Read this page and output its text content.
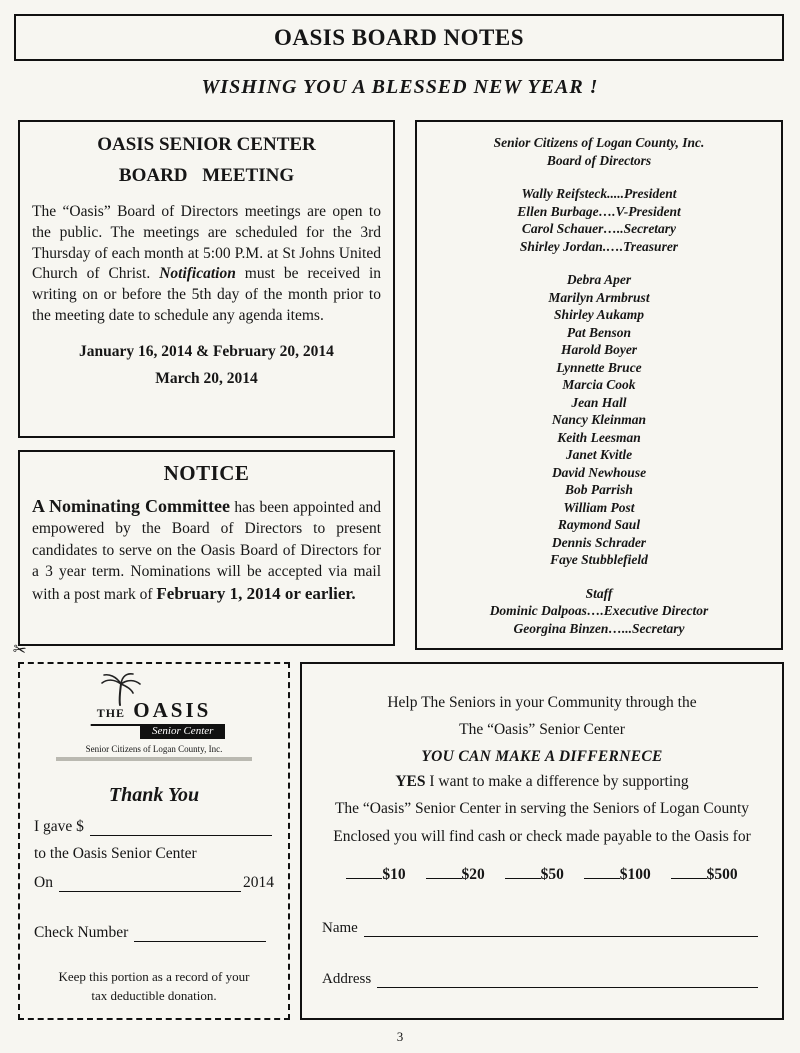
OASIS BOARD NOTES
WISHING YOU A BLESSED NEW YEAR !
OASIS SENIOR CENTER
BOARD MEETING

The “Oasis” Board of Directors meetings are open to the public. The meetings are scheduled for the 3rd Thursday of each month at 5:00 P.M. at St Johns United Church of Christ. Notification must be received in writing on or before the 5th day of the month prior to the meeting date to schedule any agenda items.

January 16, 2014 & February 20, 2014
March 20, 2014
NOTICE

A Nominating Committee has been appointed and empowered by the Board of Directors to present candidates to serve on the Oasis Board of Directors for a 3 year term. Nominations will be accepted via mail with a post mark of February 1, 2014 or earlier.

Senior Citizens of Logan County, Inc.
Board of Directors
Wally Reifsteck.....President
Ellen Burbage….V-President
Carol Schauer…..Secretary
Shirley Jordan.….Treasurer
Debra Aper
Marilyn Armbrust
Shirley Aukamp
Pat Benson
Harold Boyer
Lynnette Bruce
Marcia Cook
Jean Hall
Nancy Kleinman
Keith Leesman
Janet Kvitle
David Newhouse
Bob Parrish
William Post
Raymond Saul
Dennis Schrader
Faye Stubblefield
Staff
Dominic Dalpoas….Executive Director
Georgina Binzen…...Secretary
✂
THE OASIS
Senior Center
Senior Citizens of Logan County, Inc.
Thank You
I gave $
to the Oasis Senior Center
On	2014
Check Number
Keep this portion as a record of your
tax deductible donation.
Help The Seniors in your Community through the
The “Oasis” Senior Center
YOU CAN MAKE A DIFFERNECE
YES I want to make a difference by supporting
The “Oasis” Senior Center in serving the Seniors of Logan County
Enclosed you will find cash or check made payable to the Oasis for
$10	$20	$50	$100	$500
Name
Address
3
